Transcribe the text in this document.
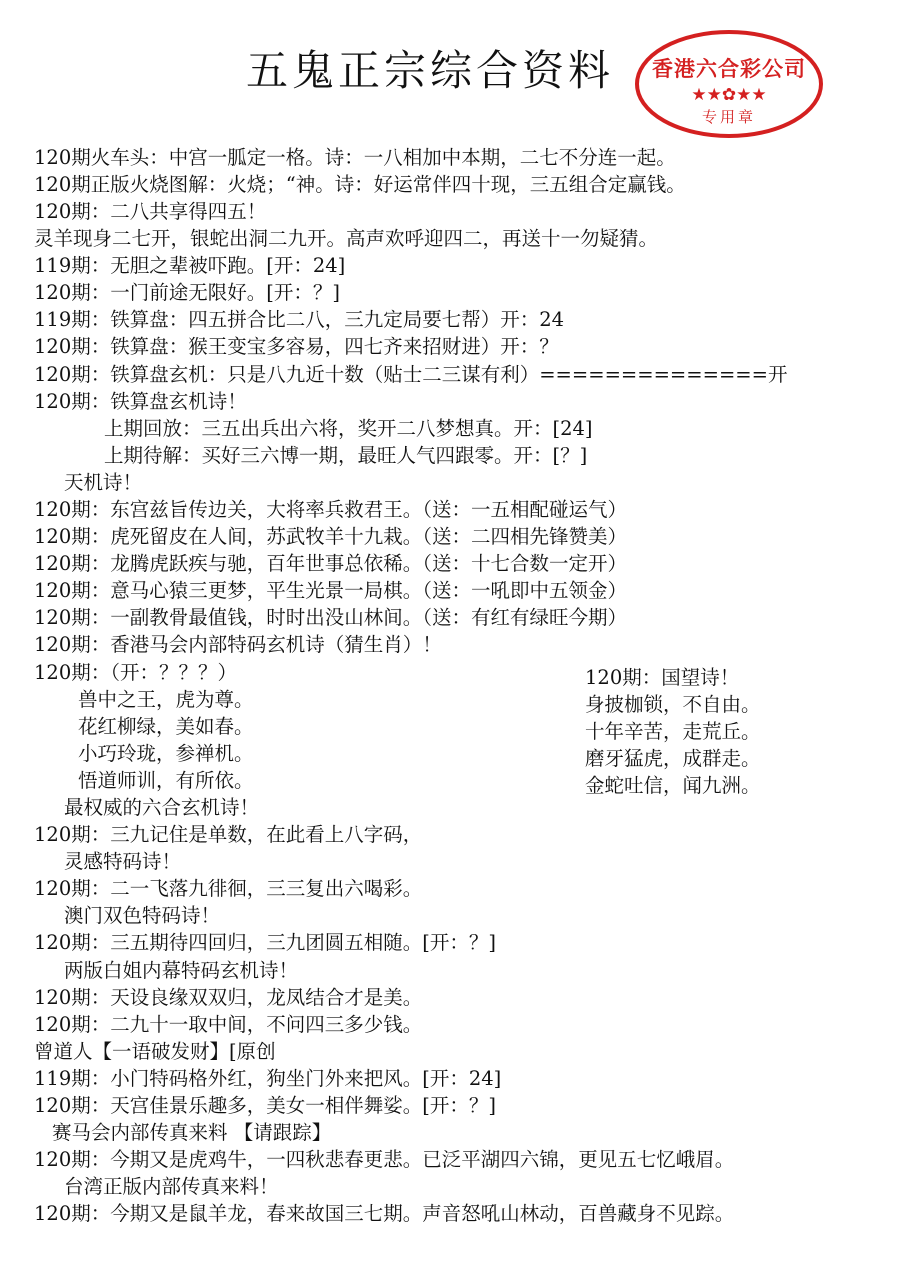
五鬼正宗综合资料	香港六合彩公司
★★✿★★
专用章
120期火车头：中宫一胍定一格。诗：一八相加中本期，二七不分连一起。
120期正版火烧图解：火烧；“神。诗：好运常伴四十现，三五组合定赢钱。
120期：二八共享得四五！
灵羊现身二七开，银蛇出洞二九开。高声欢呼迎四二，再送十一勿疑猜。
119期：无胆之辈被吓跑。[开：24]
120期：一门前途无限好。[开：？]
119期：铁算盘：四五拼合比二八，三九定局要七帮）开：24
120期：铁算盘：猴王变宝多容易，四七齐来招财进）开：？
120期：铁算盘玄机：只是八九近十数（贴士二三谋有利）==============开
120期：铁算盘玄机诗！
上期回放：三五出兵出六将，奖开二八梦想真。开：[24]
上期待解：买好三六博一期，最旺人气四跟零。开：[？]
天机诗！
120期：东宫兹旨传边关，大将率兵救君王。（送：一五相配碰运气）
120期：虎死留皮在人间，苏武牧羊十九栽。（送：二四相先锋赞美）
120期：龙腾虎跃疾与驰，百年世事总依稀。（送：十七合数一定开）
120期：意马心猿三更梦，平生光景一局棋。（送：一吼即中五领金）
120期：一副教骨最值钱，时时出没山林间。（送：有红有绿旺今期）
120期：香港马会内部特码玄机诗（猜生肖）！
120期：（开：？？？）
兽中之王，虎为尊。
花红柳绿，美如春。
小巧玲珑，参禅机。
悟道师训，有所依。
最权威的六合玄机诗！
120期：三九记住是单数，在此看上八字码，
灵感特码诗！
120期：二一飞落九徘徊，三三复出六喝彩。
澳门双色特码诗！
120期：三五期待四回归，三九团圆五相随。[开：？]
两版白姐内幕特码玄机诗！
120期：天设良缘双双归，龙凤结合才是美。
120期：二九十一取中间，不问四三多少钱。
曾道人【一语破发财】[原创
119期：小门特码格外红，狗坐门外来把风。[开：24]
120期：天宫佳景乐趣多，美女一相伴舞娑。[开：？]
赛马会内部传真来料 【请跟踪】
120期：今期又是虎鸡牛，一四秋悲春更悲。已泛平湖四六锦，更见五七忆峨眉。
台湾正版内部传真来料！
120期：今期又是鼠羊龙，春来故国三七期。声音怒吼山林动，百兽藏身不见踪。
120期：国望诗！
身披枷锁，不自由。
十年辛苦，走荒丘。
磨牙猛虎，成群走。
金蛇吐信，闻九洲。
